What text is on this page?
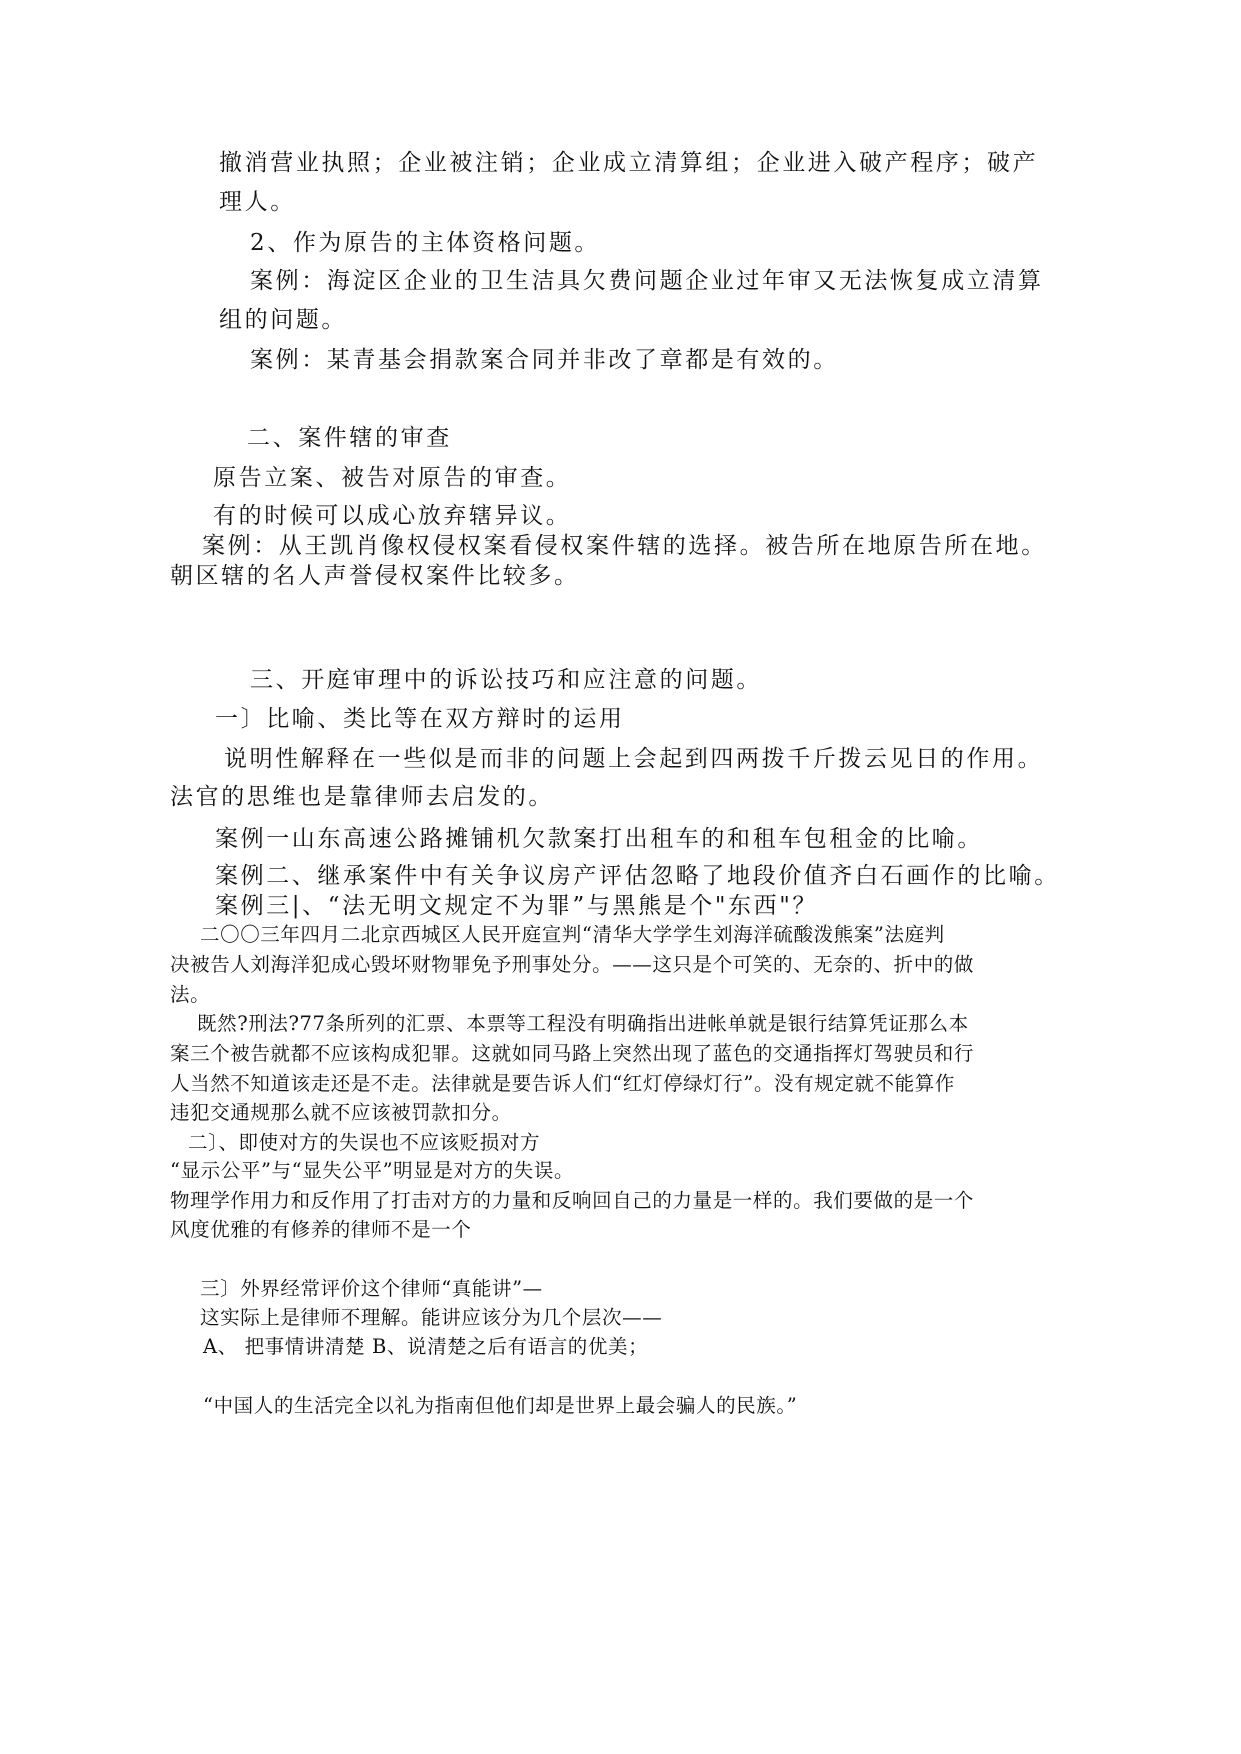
撤消营业执照；企业被注销；企业成立清算组；企业进入破产程序；破产

理人。

2、作为原告的主体资格问题。

案例：海淀区企业的卫生洁具欠费问题企业过年审又无法恢复成立清算

组的问题。

案例：某青基会捐款案合同并非改了章都是有效的。

二、案件辖的审查

原告立案、被告对原告的审查。

有的时候可以成心放弃辖异议。

案例：从王凯肖像权侵权案看侵权案件辖的选择。被告所在地原告所在地。

朝区辖的名人声誉侵权案件比较多。

三、开庭审理中的诉讼技巧和应注意的问题。

一〕比喻、类比等在双方辩时的运用

说明性解释在一些似是而非的问题上会起到四两拨千斤拨云见日的作用。

法官的思维也是靠律师去启发的。

案例一山东高速公路摊铺机欠款案打出租车的和租车包租金的比喻。

案例二、继承案件中有关争议房产评估忽略了地段价值齐白石画作的比喻。

案例三|、“法无明文规定不为罪”与黑熊是个"东西"？

二〇〇三年四月二北京西城区人民开庭宣判“清华大学学生刘海洋硫酸泼熊案”法庭判

决被告人刘海洋犯成心毁坏财物罪免予刑事处分。——这只是个可笑的、无奈的、折中的做

法。

既然?刑法?77条所列的汇票、本票等工程没有明确指出进帐单就是银行结算凭证那么本

案三个被告就都不应该构成犯罪。这就如同马路上突然出现了蓝色的交通指挥灯驾驶员和行

人当然不知道该走还是不走。法律就是要告诉人们“红灯停绿灯行”。没有规定就不能算作

违犯交通规那么就不应该被罚款扣分。

二〕、即使对方的失误也不应该贬损对方

“显示公平”与“显失公平”明显是对方的失误。

物理学作用力和反作用了打击对方的力量和反响回自己的力量是一样的。我们要做的是一个

风度优雅的有修养的律师不是一个

三〕外界经常评价这个律师“真能讲”—

这实际上是律师不理解。能讲应该分为几个层次——

A、 把事情讲清楚 B、说清楚之后有语言的优美；

“中国人的生活完全以礼为指南但他们却是世界上最会骗人的民族。”
